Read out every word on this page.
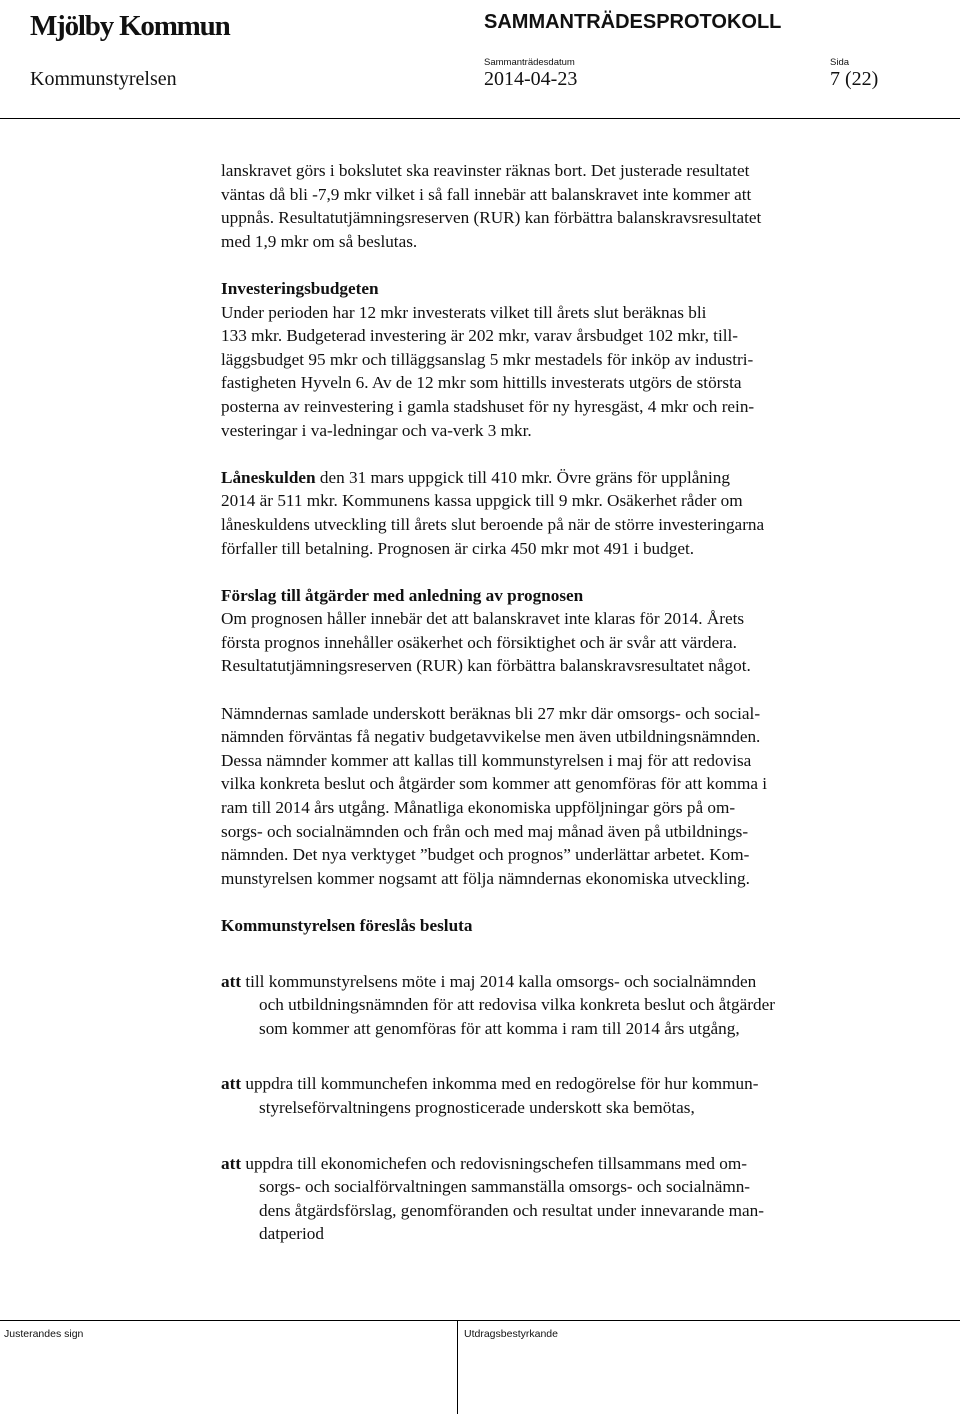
Mjölby Kommun	SAMMANTRÄDESPROTOKOLL
Sammanträdesdatum	Sida
Kommunstyrelsen	2014-04-23	7 (22)
lanskravet görs i bokslutet ska reavinster räknas bort. Det justerade resultatet
väntas då bli -7,9 mkr vilket i så fall innebär att balanskravet inte kommer att
uppnås. Resultatutjämningsreserven (RUR) kan förbättra balanskravsresultatet
med 1,9 mkr om så beslutas.
Investeringsbudgeten
Under perioden har 12 mkr investerats vilket till årets slut beräknas bli
133 mkr. Budgeterad investering är 202 mkr, varav årsbudget 102 mkr, till-
läggsbudget 95 mkr och tilläggsanslag 5 mkr mestadels för inköp av industri-
fastigheten Hyveln 6. Av de 12 mkr som hittills investerats utgörs de största
posterna av reinvestering i gamla stadshuset för ny hyresgäst, 4 mkr och rein-
vesteringar i va-ledningar och va-verk 3 mkr.
Låneskulden den 31 mars uppgick till 410 mkr. Övre gräns för upplåning
2014 är 511 mkr. Kommunens kassa uppgick till 9 mkr. Osäkerhet råder om
låneskuldens utveckling till årets slut beroende på när de större investeringarna
förfaller till betalning. Prognosen är cirka 450 mkr mot 491 i budget.
Förslag till åtgärder med anledning av prognosen
Om prognosen håller innebär det att balanskravet inte klaras för 2014. Årets
första prognos innehåller osäkerhet och försiktighet och är svår att värdera.
Resultatutjämningsreserven (RUR) kan förbättra balanskravsresultatet något.
Nämndernas samlade underskott beräknas bli 27 mkr där omsorgs- och social-
nämnden förväntas få negativ budgetavvikelse men även utbildningsnämnden.
Dessa nämnder kommer att kallas till kommunstyrelsen i maj för att redovisa
vilka konkreta beslut och åtgärder som kommer att genomföras för att komma i
ram till 2014 års utgång. Månatliga ekonomiska uppföljningar görs på om-
sorgs- och socialnämnden och från och med maj månad även på utbildnings-
nämnden. Det nya verktyget ”budget och prognos” underlättar arbetet. Kom-
munstyrelsen kommer nogsamt att följa nämndernas ekonomiska utveckling.
Kommunstyrelsen föreslås besluta
att till kommunstyrelsens möte i maj 2014 kalla omsorgs- och socialnämnden
och utbildningsnämnden för att redovisa vilka konkreta beslut och åtgärder
som kommer att genomföras för att komma i ram till 2014 års utgång,
att uppdra till kommunchefen inkomma med en redogörelse för hur kommun-
styrelseförvaltningens prognosticerade underskott ska bemötas,
att uppdra till ekonomichefen och redovisningschefen tillsammans med om-
sorgs- och socialförvaltningen sammanställa omsorgs- och socialnämn-
dens åtgärdsförslag, genomföranden och resultat under innevarande man-
datperiod
Justerandes sign	Utdragsbestyrkande
